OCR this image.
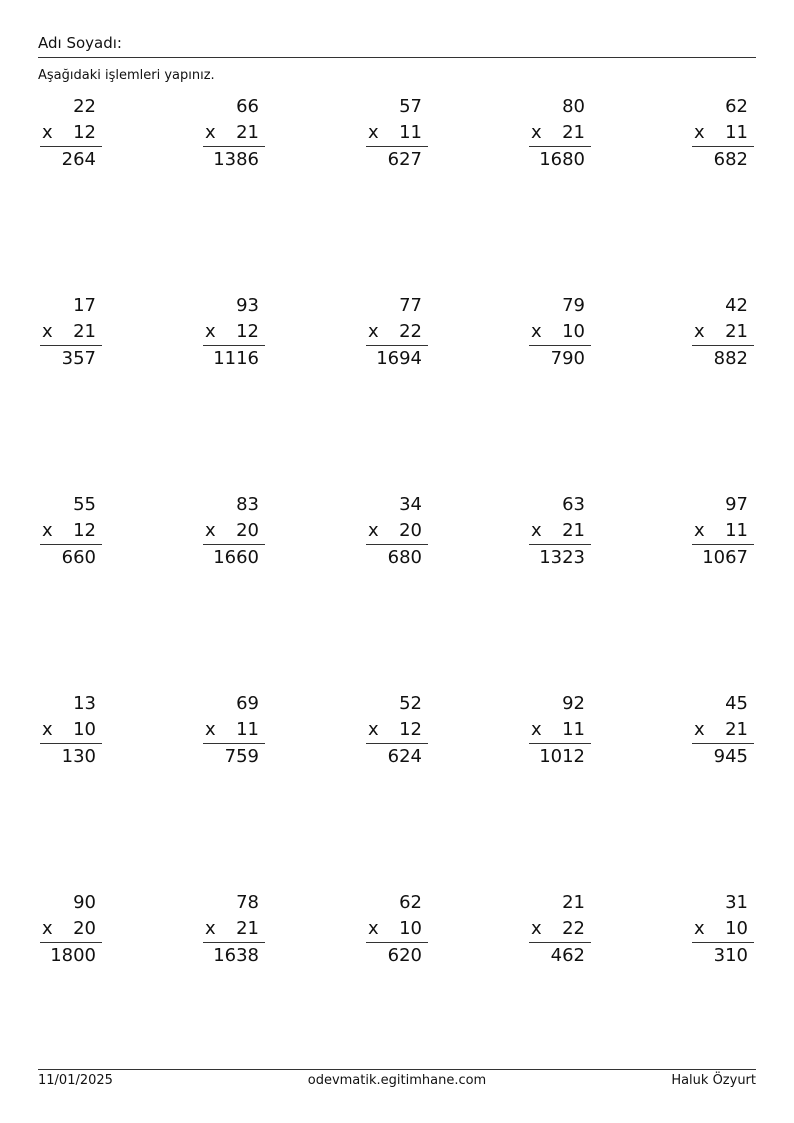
Adı Soyadı:
Aşağıdaki işlemleri yapınız.
22
x 12
264
66
x 21
1386
57
x 11
627
80
x 21
1680
62
x 11
682
17
x 21
357
93
x 12
1116
77
x 22
1694
79
x 10
790
42
x 21
882
55
x 12
660
83
x 20
1660
34
x 20
680
63
x 21
1323
97
x 11
1067
13
x 10
130
69
x 11
759
52
x 12
624
92
x 11
1012
45
x 21
945
90
x 20
1800
78
x 21
1638
62
x 10
620
21
x 22
462
31
x 10
310
11/01/2025	odevmatik.egitimhane.com	Haluk Özyurt
